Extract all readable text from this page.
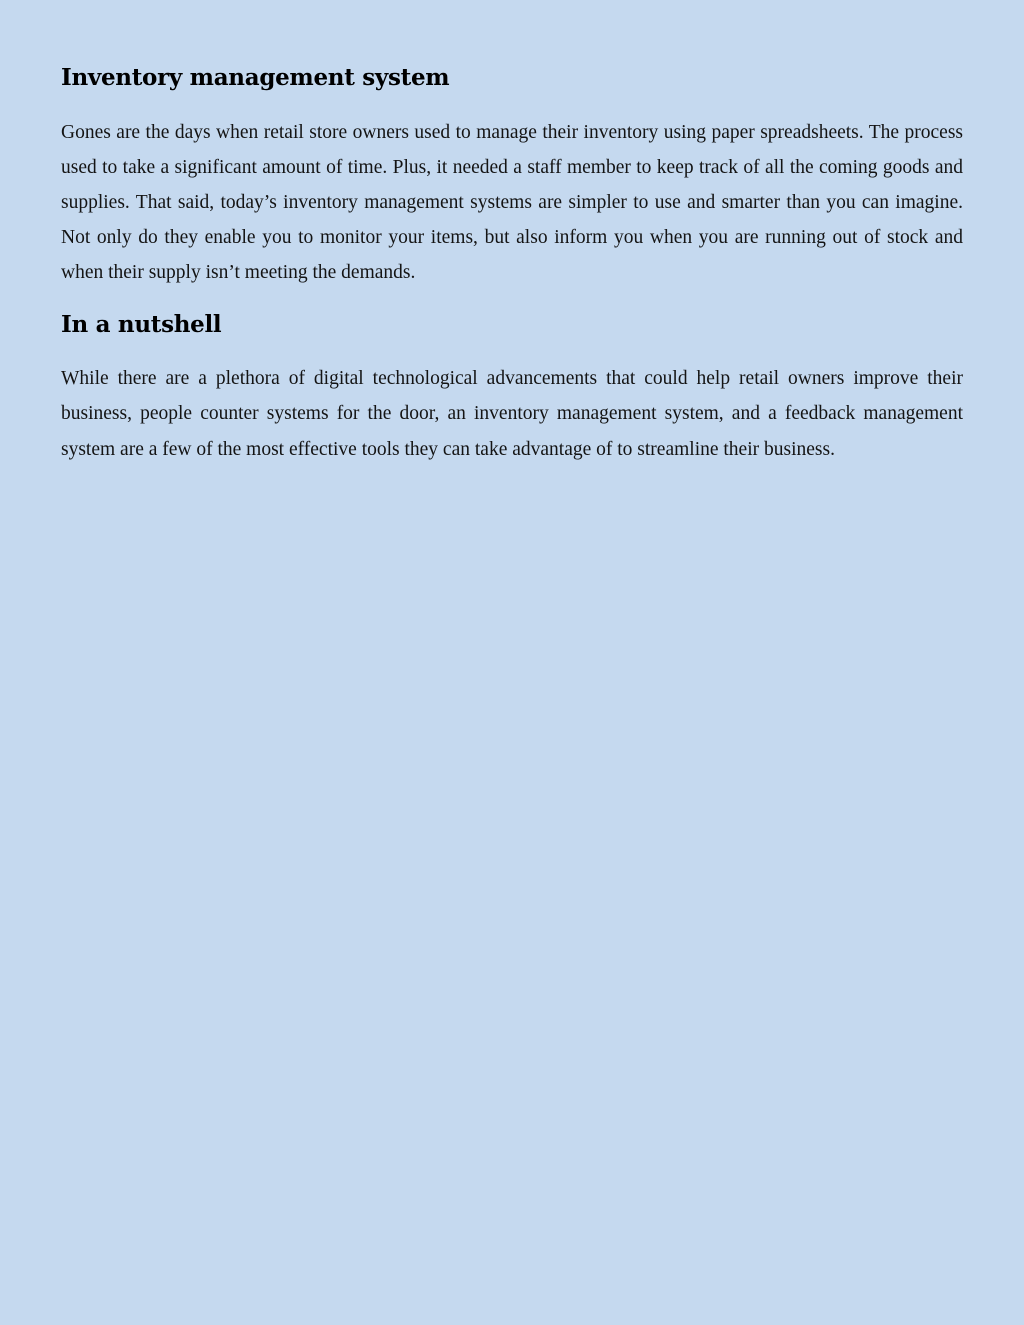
Inventory management system

Gones are the days when retail store owners used to manage their inventory using paper spreadsheets. The process used to take a significant amount of time. Plus, it needed a staff member to keep track of all the coming goods and supplies. That said, today’s inventory management systems are simpler to use and smarter than you can imagine. Not only do they enable you to monitor your items, but also inform you when you are running out of stock and when their supply isn’t meeting the demands.

In a nutshell

While there are a plethora of digital technological advancements that could help retail owners improve their business, people counter systems for the door, an inventory management system, and a feedback management system are a few of the most effective tools they can take advantage of to streamline their business.
